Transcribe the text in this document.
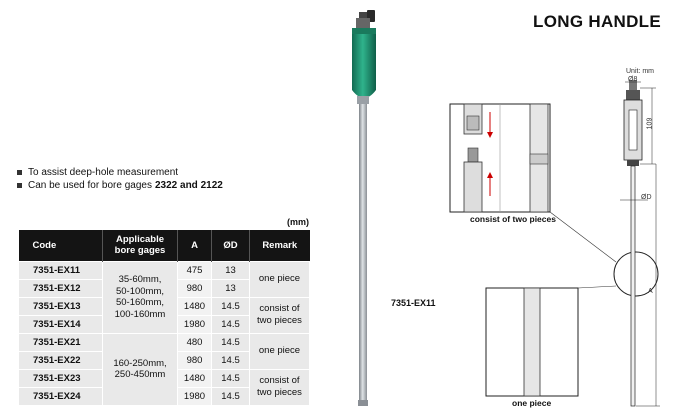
LONG HANDLE
To assist deep-hole measurement
Can be used for bore gages 2322 and 2122
(mm)
Code	Applicable bore gages	A	ØD	Remark
7351-EX11	35-60mm,
50-100mm,
50-160mm,
100-160mm	475	13	one piece
7351-EX12		980	13	
7351-EX13		1480	14.5	consist of
two pieces
7351-EX14		1980	14.5	
7351-EX21	160-250mm,
250-450mm	480	14.5	one piece
7351-EX22		980	14.5	
7351-EX23		1480	14.5	consist of
two pieces
7351-EX24		1980	14.5	
7351-EX11
Unit: mm
Ø8
109
ØD
A
consist of two pieces
one piece
